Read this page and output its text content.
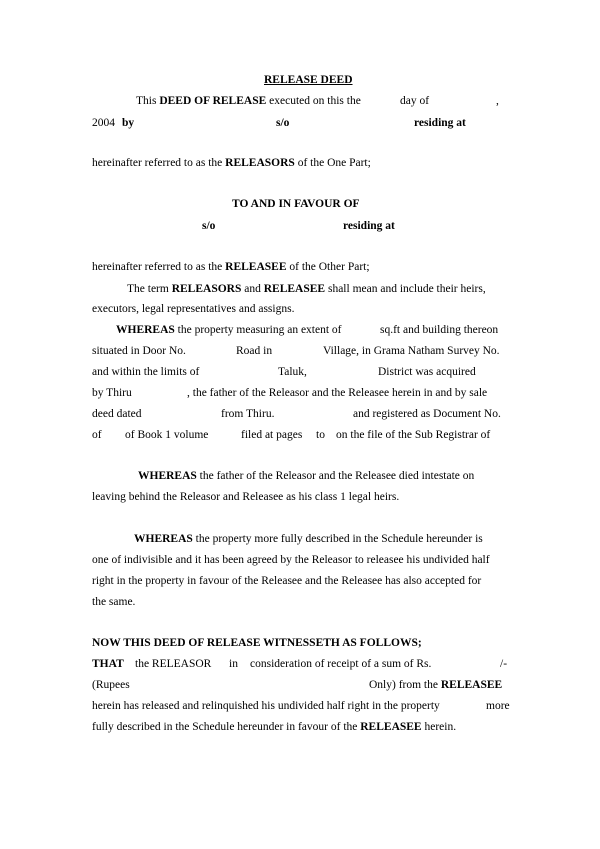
RELEASE DEED
This DEED OF RELEASE executed on this the	day of	,
2004 by	s/o	residing at
hereinafter referred to as the RELEASORS of the One Part;
TO AND IN FAVOUR OF
s/o	residing at
hereinafter referred to as the RELEASEE of the Other Part;
The term RELEASORS and RELEASEE shall mean and include their heirs,
executors, legal representatives and assigns.
WHEREAS the property measuring an extent of	sq.ft and building thereon
situated in Door No.	Road in	Village, in Grama Natham Survey No.
and within the limits of	Taluk,	District was acquired
by Thiru	, the father of the Releasor and the Releasee herein in and by sale
deed dated	from Thiru.	and registered as Document No.
of of Book 1 volume	filed at pages to on the file of the Sub Registrar of
WHEREAS the father of the Releasor and the Releasee died intestate on
leaving behind the Releasor and Releasee as his class 1 legal heirs.
WHEREAS the property more fully described in the Schedule hereunder is
one of indivisible and it has been agreed by the Releasor to releasee his undivided half
right in the property in favour of the Releasee and the Releasee has also accepted for
the same.
NOW THIS DEED OF RELEASE WITNESSETH AS FOLLOWS;
THAT the RELEASOR in consideration of receipt of a sum of Rs.	/-
(Rupees	Only) from the RELEASEE
herein has released and relinquished his undivided half right in the property	more
fully described in the Schedule hereunder in favour of the RELEASEE herein.
